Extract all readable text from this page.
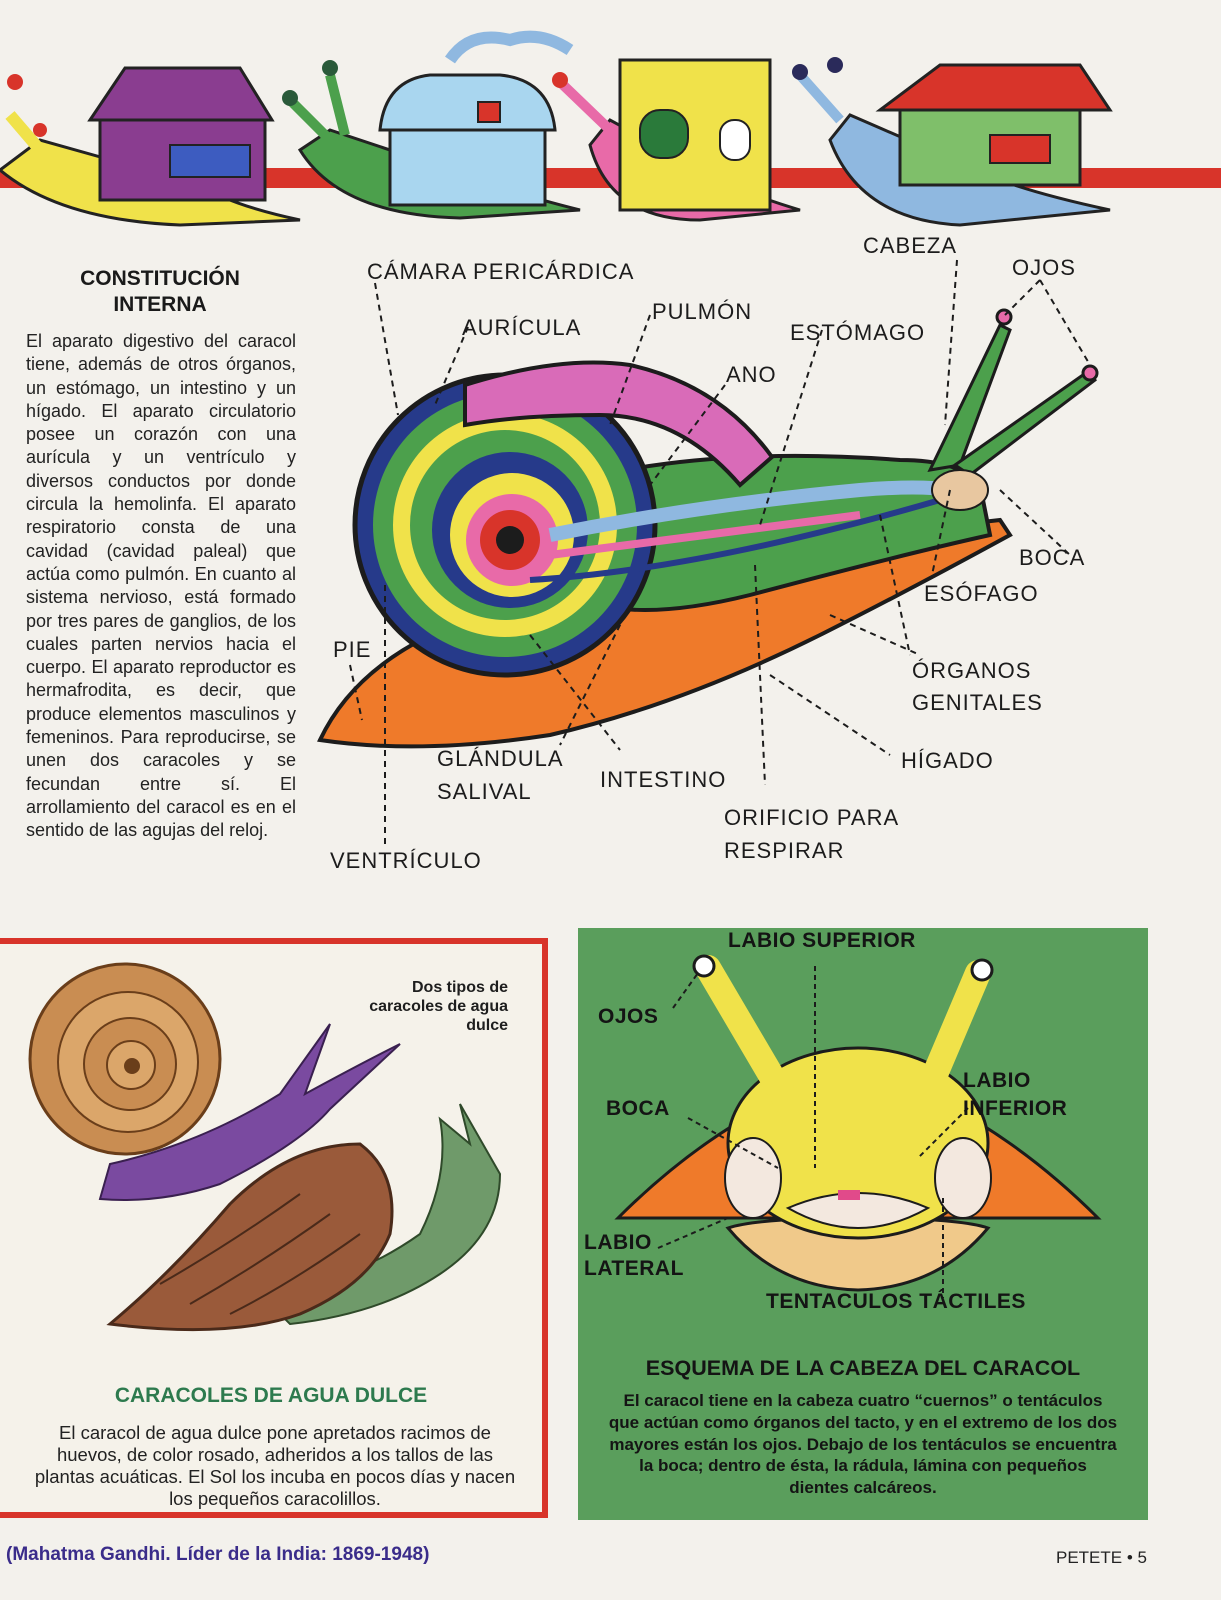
CONSTITUCIÓN
INTERNA
El aparato digestivo del caracol tiene, además de otros órganos, un estómago, un intestino y un hígado. El aparato circulatorio posee un corazón con una aurícula y un ventrículo y diversos conductos por donde circula la hemolinfa. El aparato respiratorio consta de una cavidad (cavidad paleal) que actúa como pulmón. En cuanto al sistema nervioso, está formado por tres pares de ganglios, de los cuales parten nervios hacia el cuerpo. El aparato reproductor es hermafrodita, es decir, que produce elementos masculinos y femeninos. Para reproducirse, se unen dos caracoles y se fecundan entre sí. El arrollamiento del caracol es en el sentido de las agujas del reloj.
CÁMARA PERICÁRDICA
CABEZA
OJOS
PULMÓN
AURÍCULA	ESTÓMAGO
ANO
BOCA
ESÓFAGO
PIE
ÓRGANOS
GENITALES
HÍGADO
GLÁNDULA
SALIVAL	INTESTINO
ORIFICIO PARA
RESPIRAR
VENTRÍCULO
Dos tipos de caracoles de agua dulce
CARACOLES DE AGUA DULCE
El caracol de agua dulce pone apretados racimos de huevos, de color rosado, adheridos a los tallos de las plantas acuáticas. El Sol los incuba en pocos días y nacen los pequeños caracolillos.
LABIO SUPERIOR
OJOS
LABIO
INFERIOR
BOCA
LABIO
LATERAL
TENTACULOS TÁCTILES
ESQUEMA DE LA CABEZA DEL CARACOL
El caracol tiene en la cabeza cuatro “cuernos” o tentáculos que actúan como órganos del tacto, y en el extremo de los dos mayores están los ojos. Debajo de los tentáculos se encuentra la boca; dentro de ésta, la rádula, lámina con pequeños dientes calcáreos.
(Mahatma Gandhi. Líder de la India: 1869-1948)	PETETE • 5
